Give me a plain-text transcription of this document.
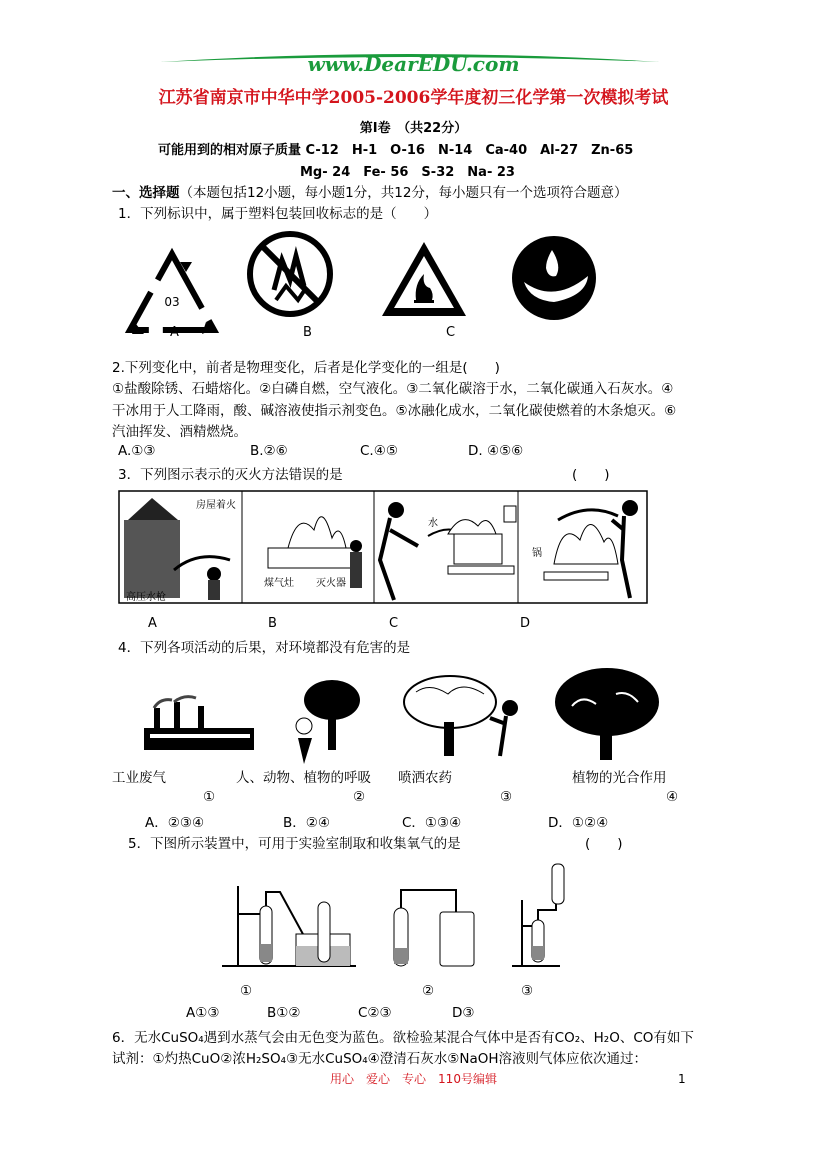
www.DearEDU.com
江苏省南京市中华中学2005-2006学年度初三化学第一次模拟考试
第Ⅰ卷　（共22分）
可能用到的相对原子质量 C-12　H-1　O-16　N-14　Ca-40　Al-27　Zn-65
Mg- 24　Fe- 56　S-32　Na- 23
一、选择题（本题包括12小题，每小题1分，共12分，每小题只有一个选项符合题意）
1．下列标识中，属于塑料包装回收标志的是（　　）
03
A	B	C
2.下列变化中，前者是物理变化，后者是化学变化的一组是(　　)
①盐酸除锈、石蜡熔化。②白磷自燃，空气液化。③二氧化碳溶于水，二氧化碳通入石灰水。④
干冰用于人工降雨，酸、碱溶液使指示剂变色。⑤冰融化成水，二氧化碳使燃着的木条熄灭。⑥
汽油挥发、酒精燃烧。
A.①③	B.②⑥	C.④⑤	D. ④⑤⑥
3．下列图示表示的灭火方法错误的是	(　　)
房屋着火
高压水枪
煤气灶 灭火器
水
锅
A	B	C	D
4．下列各项活动的后果，对环境都没有危害的是
工业废气	人、动物、植物的呼吸 喷洒农药	植物的光合作用
①	②	③	④
A．②③④	B．②④	C．①③④	D．①②④
5．下图所示装置中，可用于实验室制取和收集氧气的是	(　　)
①	②	③
A①③	B①②	C②③	D③
6．无水CuSO₄遇到水蒸气会由无色变为蓝色。欲检验某混合气体中是否有CO₂、H₂O、CO有如下
试剂：①灼热CuO②浓H₂SO₄③无水CuSO₄④澄清石灰水⑤NaOH溶液则气体应依次通过：
用心　爱心　专心　110号编辑	1
